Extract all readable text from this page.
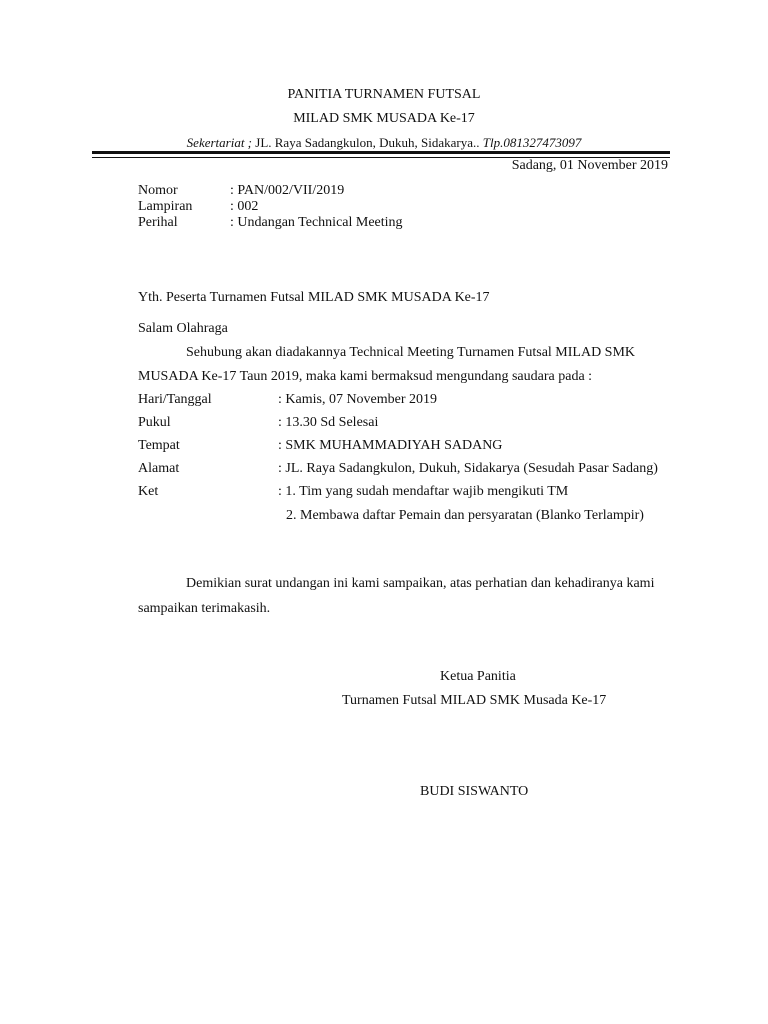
PANITIA TURNAMEN FUTSAL
MILAD SMK MUSADA Ke-17
Sekertariat ; JL. Raya Sadangkulon, Dukuh, Sidakarya.. Tlp.081327473097
Sadang, 01 November 2019
Nomor	: PAN/002/VII/2019
Lampiran	: 002
Perihal	: Undangan Technical Meeting
Yth. Peserta Turnamen Futsal MILAD SMK MUSADA Ke-17
Salam Olahraga
Sehubung akan diadakannya Technical Meeting Turnamen Futsal MILAD SMK
MUSADA Ke-17 Taun 2019, maka kami bermaksud mengundang saudara pada :
Hari/Tanggal	: Kamis, 07 November 2019
Pukul	: 13.30 Sd Selesai
Tempat	: SMK MUHAMMADIYAH SADANG
Alamat	: JL. Raya Sadangkulon, Dukuh, Sidakarya (Sesudah Pasar Sadang)
Ket	: 1. Tim yang sudah mendaftar wajib mengikuti TM
2. Membawa daftar Pemain dan persyaratan (Blanko Terlampir)
Demikian surat undangan ini kami sampaikan, atas perhatian dan kehadiranya kami
sampaikan terimakasih.
Ketua Panitia
Turnamen Futsal MILAD SMK Musada Ke-17
BUDI SISWANTO
